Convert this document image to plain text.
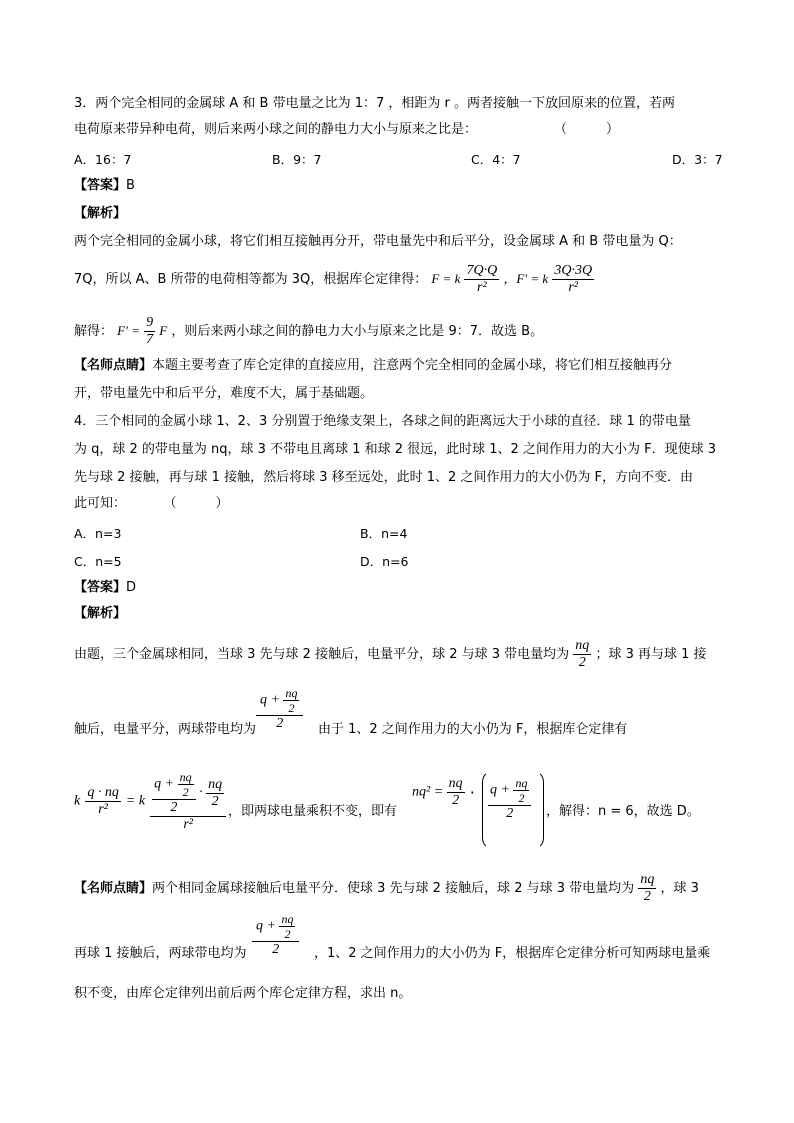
3．两个完全相同的金属球 A 和 B 带电量之比为 1：7 ，相距为 r 。两者接触一下放回原来的位置，若两
电荷原来带异种电荷，则后来两小球之间的静电力大小与原来之比是：	（　　　）
A．16：7	B．9：7	C．4：7	D．3：7
【答案】B
【解析】
两个完全相同的金属小球，将它们相互接触再分开，带电量先中和后平分，设金属球 A 和 B 带电量为 Q：
7Q，所以 A、B 所带的电荷相等都为 3Q，根据库仑定律得： F = k $\frac{7Q\cdot Q}{\text{r²}}$ ，F′ = k $\frac{3Q\cdot 3Q}{\text{r²}}$
解得： $F' = \frac{9}{7}$ F ，则后来两小球之间的静电力大小与原来之比是 9：7．故选 B。
【名师点睛】本题主要考查了库仑定律的直接应用，注意两个完全相同的金属小球，将它们相互接触再分
开，带电量先中和后平分，难度不大，属于基础题。
4．三个相同的金属小球 1、2、3 分别置于绝缘支架上，各球之间的距离远大于小球的直径．球 1 的带电量
为 q，球 2 的带电量为 nq，球 3 不带电且离球 1 和球 2 很远，此时球 1、2 之间作用力的大小为 F．现使球 3
先与球 2 接触，再与球 1 接触，然后将球 3 移至远处，此时 1、2 之间作用力的大小仍为 F，方向不变．由
此可知：	（　　　）
A．n=3	B．n=4
C．n=5	D．n=6
【答案】D
【解析】
由题，三个金属球相同，当球 3 先与球 2 接触后，电量平分，球 2 与球 3 带电量均为 $\frac{nq}{2}$ ；球 3 再与球 1 接
触后，电量平分，两球带电均为 $\frac{q + \frac{nq}{2}}{2}$ 由于 1、2 之间作用力的大小仍为 F，根据库仑定律有
k $\frac{q \cdot nq}{\text{r²}} = k \frac{\frac{q + \frac{nq}{2}}{2} \cdot \frac{nq}{2}}{\text{r²}}$ ，即两球电量乘积不变，即有
$nq^2 = \frac{nq}{2} \cdot \frac{q + \frac{nq}{2}}{2}$ ，解得：n = 6，故选 D。
【名师点睛】两个相同金属球接触后电量平分．使球 3 先与球 2 接触后，球 2 与球 3 带电量均为 $\frac{nq}{2}$ ，球 3
再球 1 接触后，两球带电均为 $\frac{q + \frac{nq}{2}}{2}$ ，1、2 之间作用力的大小仍为 F，根据库仑定律分析可知两球电量乘
积不变，由库仑定律列出前后两个库仑定律方程，求出 n。
